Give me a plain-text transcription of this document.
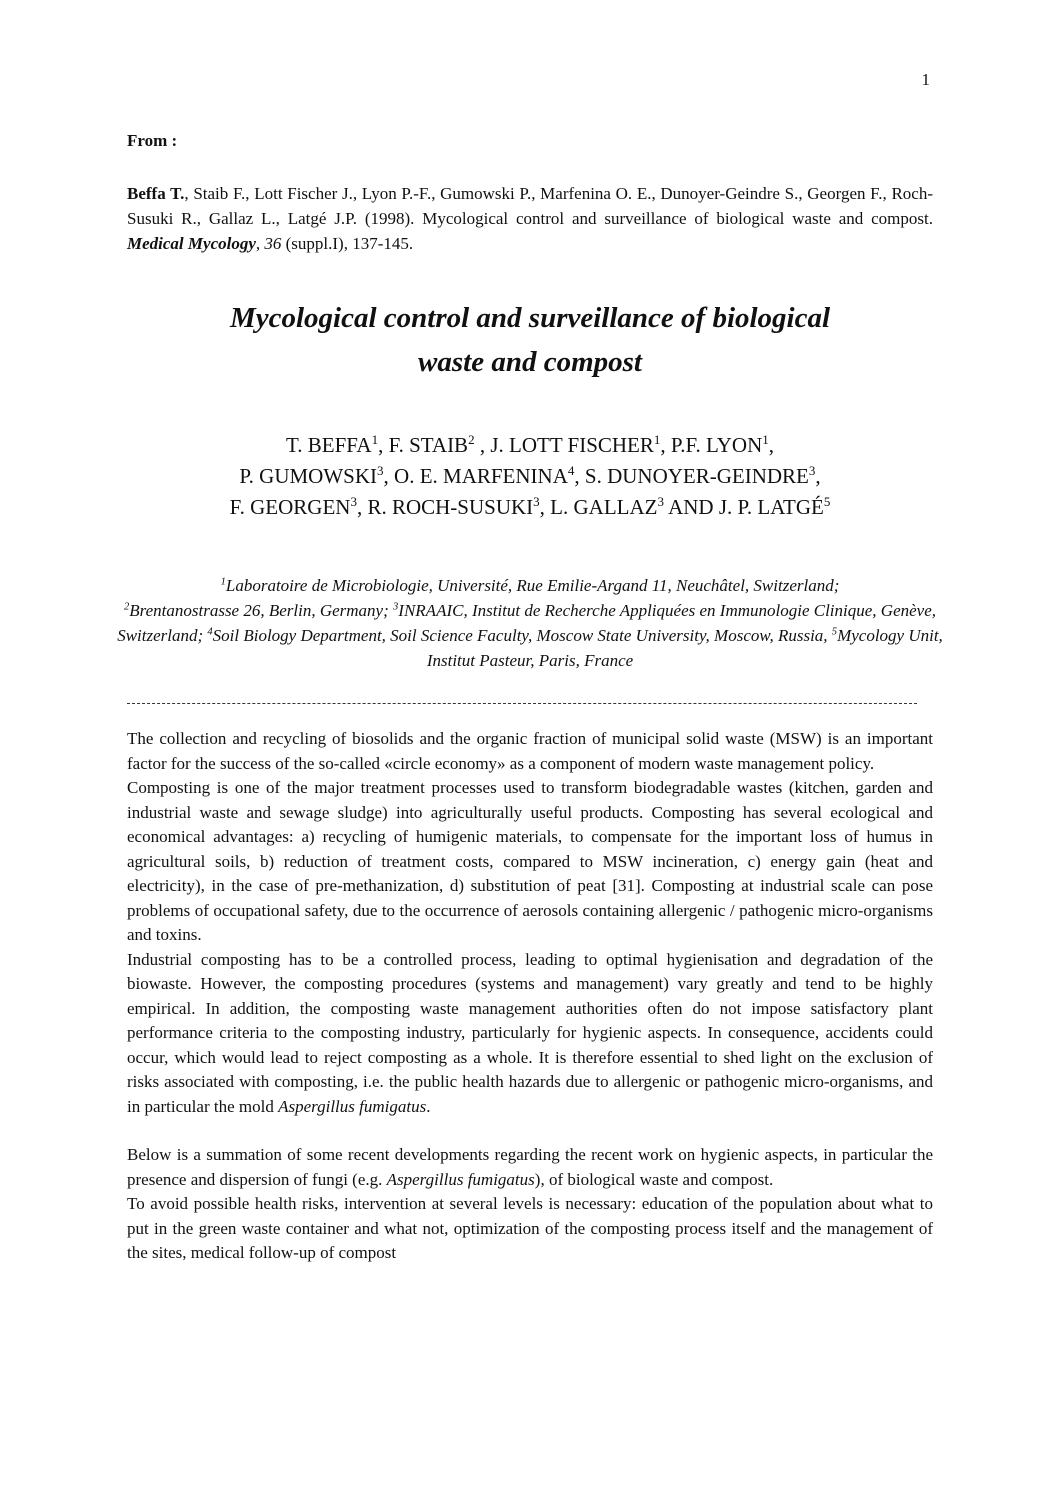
1
From :
Beffa T., Staib F., Lott Fischer J., Lyon P.-F., Gumowski P., Marfenina O. E., Dunoyer-Geindre S., Georgen F., Roch-Susuki R., Gallaz L., Latgé J.P. (1998). Mycological control and surveillance of biological waste and compost. Medical Mycology, 36 (suppl.I), 137-145.
Mycological control and surveillance of biological
waste and compost
T. BEFFA$^1$, F. STAIB$^2$ , J. LOTT FISCHER$^1$, P.F. LYON$^1$,
P. GUMOWSKI$^3$, O. E. MARFENINA$^4$, S. DUNOYER-GEINDRE$^3$,
F. GEORGEN$^3$, R. ROCH-SUSUKI$^3$, L. GALLAZ$^3$ AND J. P. LATGÉ$^5$
$^1$Laboratoire de Microbiologie, Université, Rue Emilie-Argand 11, Neuchâtel, Switzerland;
$^2$Brentanostrasse 26, Berlin, Germany; $^3$INRAAIC, Institut de Recherche Appliquées en Immunologie Clinique, Genève, Switzerland; $^4$Soil Biology Department, Soil Science Faculty, Moscow State University, Moscow, Russia, $^5$Mycology Unit, Institut Pasteur, Paris, France

The collection and recycling of biosolids and the organic fraction of municipal solid waste (MSW) is an important factor for the success of the so-called «circle economy» as a component of modern waste management policy.

Composting is one of the major treatment processes used to transform biodegradable wastes (kitchen, garden and industrial waste and sewage sludge) into agriculturally useful products. Composting has several ecological and economical advantages: a) recycling of humigenic materials, to compensate for the important loss of humus in agricultural soils, b) reduction of treatment costs, compared to MSW incineration, c) energy gain (heat and electricity), in the case of pre-methanization, d) substitution of peat [31]. Composting at industrial scale can pose problems of occupational safety, due to the occurrence of aerosols containing allergenic / pathogenic micro-organisms and toxins.

Industrial composting has to be a controlled process, leading to optimal hygienisation and degradation of the biowaste. However, the composting procedures (systems and management) vary greatly and tend to be highly empirical. In addition, the composting waste management authorities often do not impose satisfactory plant performance criteria to the composting industry, particularly for hygienic aspects. In consequence, accidents could occur, which would lead to reject composting as a whole. It is therefore essential to shed light on the exclusion of risks associated with composting, i.e. the public health hazards due to allergenic or pathogenic micro-organisms, and in particular the mold Aspergillus fumigatus.

Below is a summation of some recent developments regarding the recent work on hygienic aspects, in particular the presence and dispersion of fungi (e.g. Aspergillus fumigatus), of biological waste and compost.

To avoid possible health risks, intervention at several levels is necessary: education of the population about what to put in the green waste container and what not, optimization of the composting process itself and the management of the sites, medical follow-up of compost
